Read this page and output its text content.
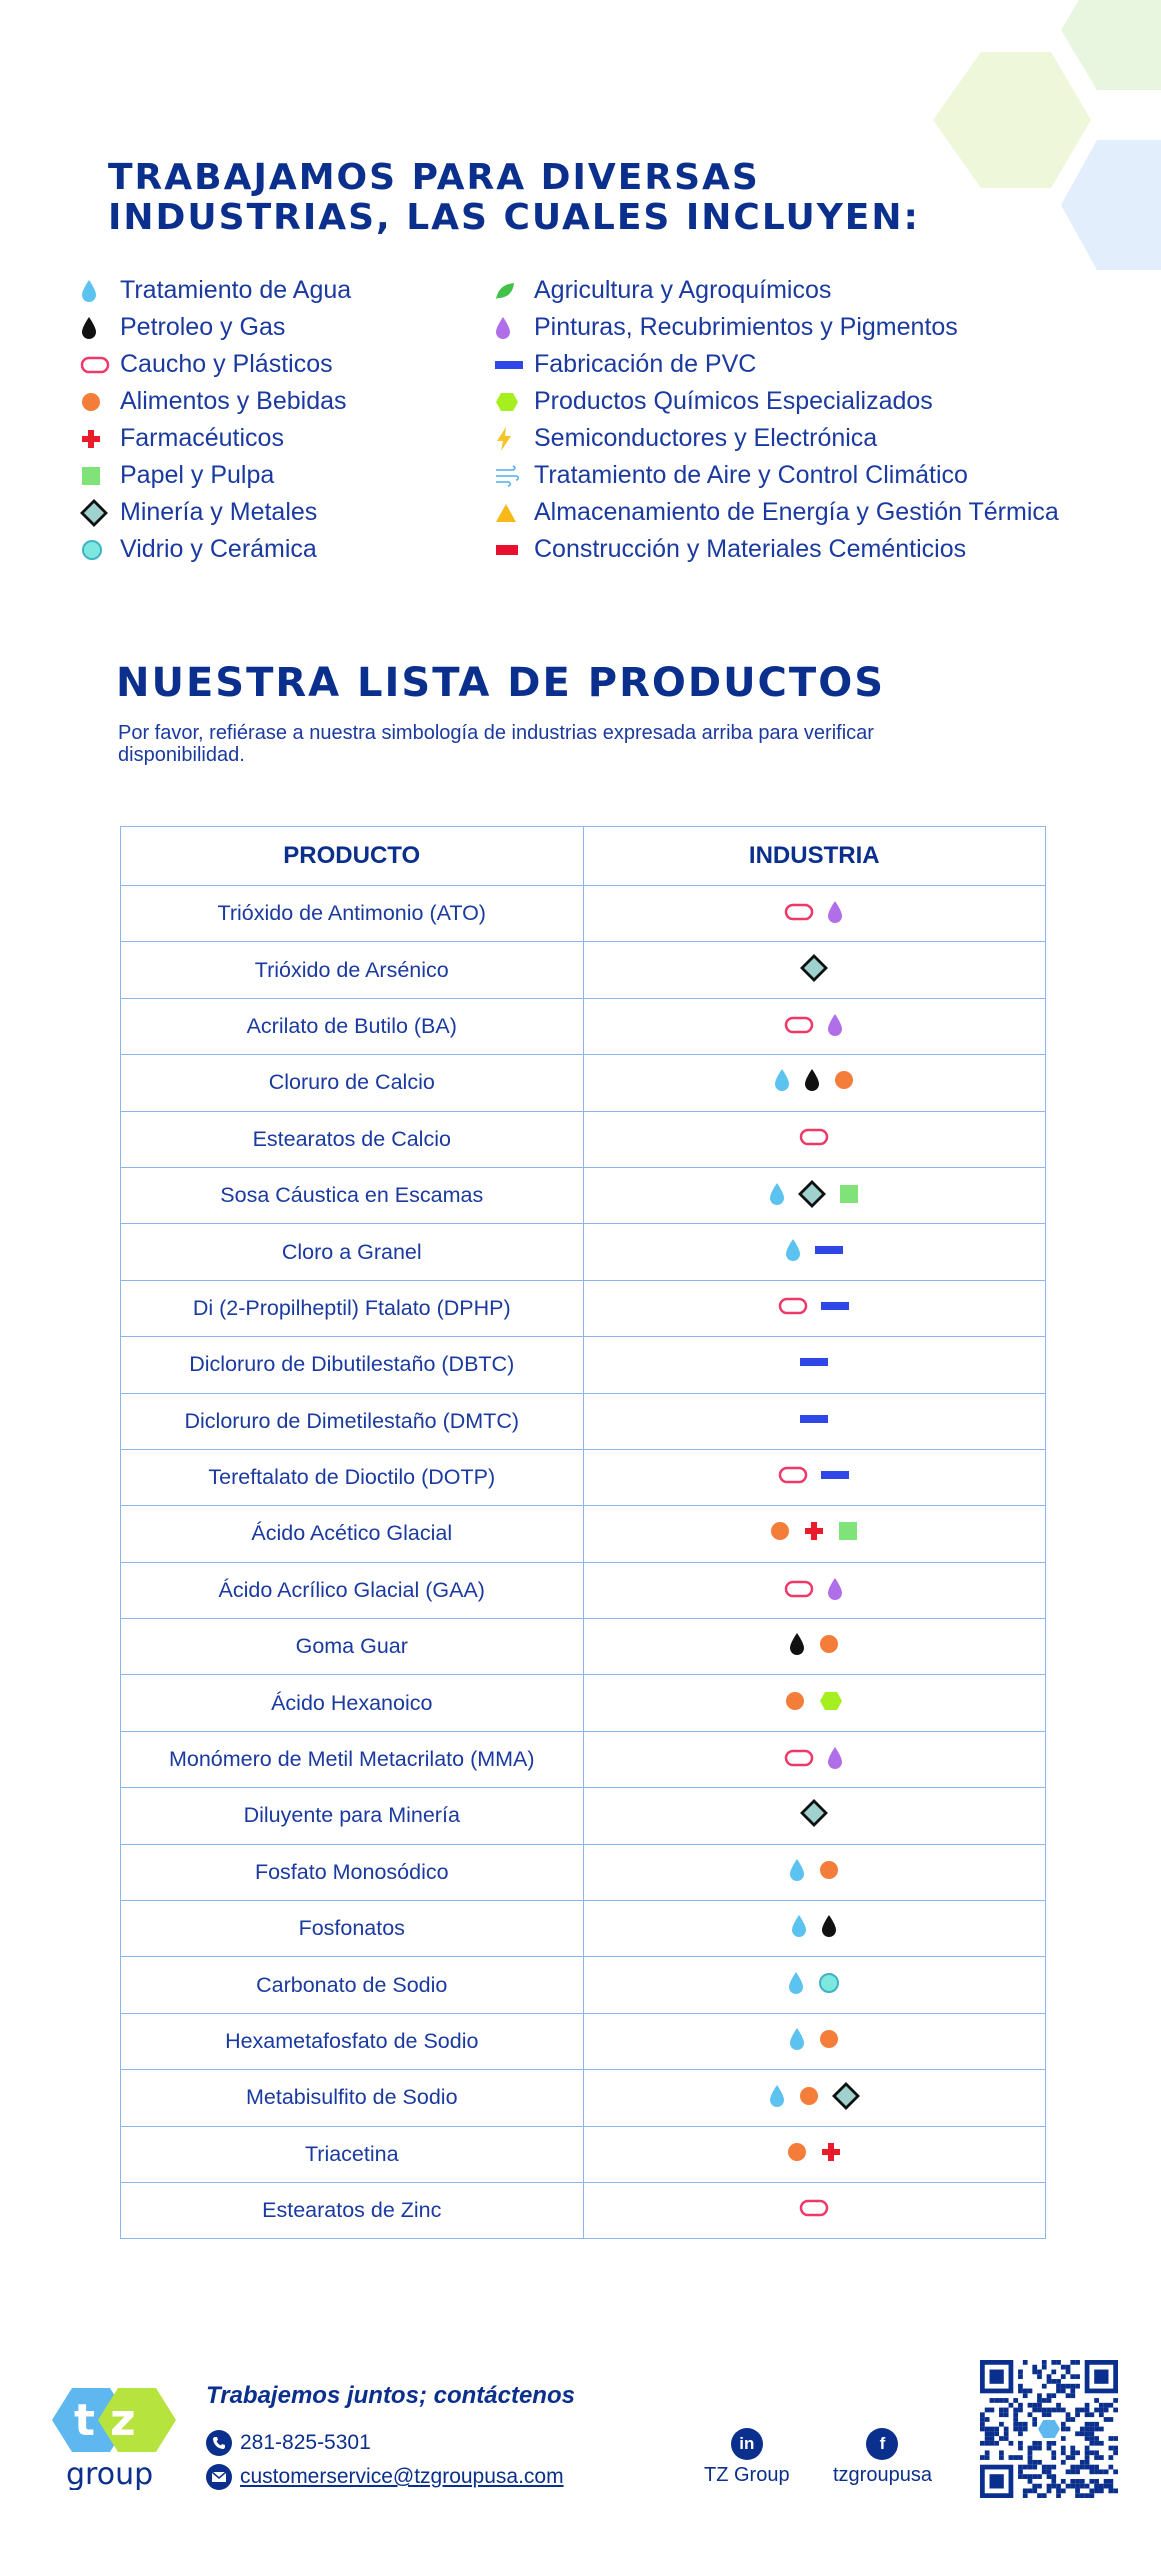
TRABAJAMOS PARA DIVERSAS
INDUSTRIAS, LAS CUALES INCLUYEN:
Tratamiento de Agua
Petroleo y Gas
Caucho y Plásticos
Alimentos y Bebidas
Farmacéuticos
Papel y Pulpa
Minería y Metales
Vidrio y Cerámica
Agricultura y Agroquímicos
Pinturas, Recubrimientos y Pigmentos
Fabricación de PVC
Productos Químicos Especializados
Semiconductores y Electrónica
Tratamiento de Aire y Control Climático
Almacenamiento de Energía y Gestión Térmica
Construcción y Materiales Ceménticios
NUESTRA LISTA DE PRODUCTOS
Por favor, refiérase a nuestra simbología de industrias expresada arriba para verificar disponibilidad.
PRODUCTO	INDUSTRIA
Trióxido de Antimonio (ATO)	

Trióxido de Arsénico	

Acrilato de Butilo (BA)	

Cloruro de Calcio	

Estearatos de Calcio	

Sosa Cáustica en Escamas	

Cloro a Granel	

Di (2-Propilheptil) Ftalato (DPHP)	

Dicloruro de Dibutilestaño (DBTC)	

Dicloruro de Dimetilestaño (DMTC)	

Tereftalato de Dioctilo (DOTP)	

Ácido Acético Glacial	

Ácido Acrílico Glacial (GAA)	

Goma Guar	

Ácido Hexanoico	

Monómero de Metil Metacrilato (MMA)	

Diluyente para Minería	

Fosfato Monosódico	

Fosfonatos	

Carbonato de Sodio	

Hexametafosfato de Sodio	

Metabisulfito de Sodio	

Triacetina	

Estearatos de Zinc	
t z
group
Trabajemos juntos; contáctenos
281-825-5301
customerservice@tzgroupusa.com
in
TZ Group
f
tzgroupusa
